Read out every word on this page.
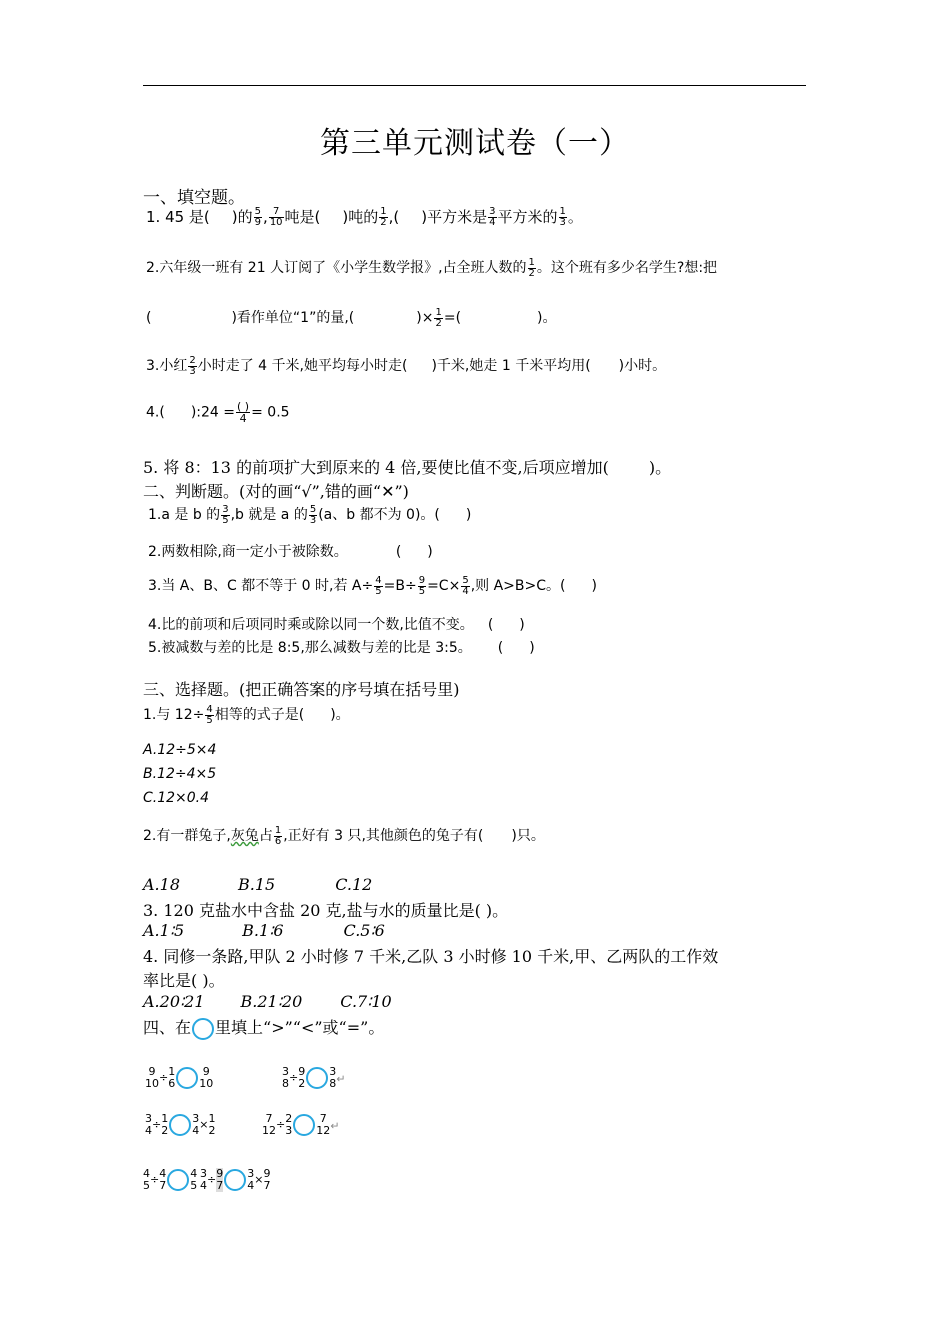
第三单元测试卷（一）
一、填空题。
1. 45 是( )的 $\frac{5}{9}$ , $\frac{7}{10}$ 吨是( )吨的 $\frac{1}{2}$ ,( )平方米是 $\frac{3}{4}$ 平方米的 $\frac{1}{3}$ 。
2.六年级一班有 21 人订阅了《小学生数学报》,占全班人数的 $\frac{1}{2}$ 。这个班有多少名学生?想:把
(	)看作单位“1”的量,(	)× $\frac{1}{2}$ =(	)。
3.小红 $\frac{2}{3}$ 小时走了 4 千米,她平均每小时走( )千米,她走 1 千米平均用( )小时。
4.( ):24 = $\frac{( )}{4} = 0.5$
5. 将 8：13 的前项扩大到原来的 4 倍,要使比值不变,后项应增加(	)。
二、判断题。(对的画“√”,错的画“✕”)
1.a 是 b 的 $\frac{3}{5} ,b$ 就是 a 的 $\frac{5}{3} (a$、b 都不为 0)。( )
2.两数相除,商一定小于被除数。	( )
3.当 A、B、C 都不等于 0 时,若 $A\div \frac{4}{5} =B\div \frac{9}{5} =C\times \frac{5}{4}$ ,则 A>B>C。( )
4.比的前项和后项同时乘或除以同一个数,比值不变。 ( )
5.被减数与差的比是 8:5,那么减数与差的比是 3:5。 ( )
三、选择题。(把正确答案的序号填在括号里)
1.与 $12\div \frac{4}{5}$ 相等的式子是( )。
A.12÷5×4
B.12÷4×5
C.12×0.4
2.有一群兔子,灰兔占 $\frac{1}{6}$ ,正好有 3 只,其他颜色的兔子有( )只。
A.18	B.15	C.12
3. 120 克盐水中含盐 20 克,盐与水的质量比是( )。
A.1∶5	B.1∶6	C.5∶6
4. 同修一条路,甲队 2 小时修 7 千米,乙队 3 小时修 10 千米,甲、乙两队的工作效
率比是( )。
A.20∶21 B.21∶20 C.7∶10
四、在 里填上“>”“<”或“=”。
9
10 ÷ 1
6
9
10
3
8 ÷ 9
2
3
8 ↵
3
4 ÷ 1
2
3
4 × 1
2
7
12 ÷ 2
3
7
12 ↵
4
5 ÷ 4
7
4
5
3
4 ÷ 9
7
3
4 × 9
7
